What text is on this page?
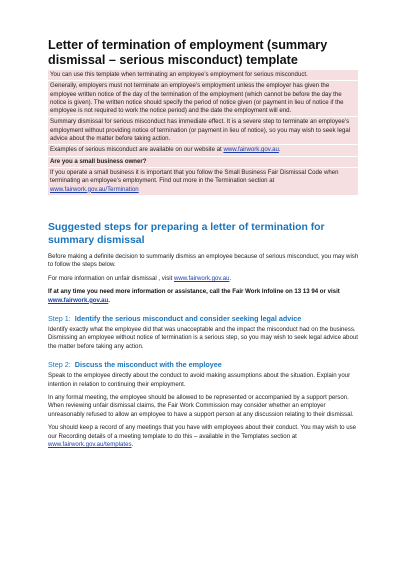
Letter of termination of employment (summary dismissal – serious misconduct) template

You can use this template when terminating an employee’s employment for serious misconduct.

Generally, employers must not terminate an employee’s employment unless the employer has given the employee written notice of the day of the termination of the employment (which cannot be before the day the notice is given). The written notice should specify the period of notice given (or payment in lieu of notice if the employee is not required to work the notice period) and the date the employment will end.

Summary dismissal for serious misconduct has immediate effect. It is a severe step to terminate an employee’s employment without providing notice of termination (or payment in lieu of notice), so you may wish to seek legal advice about the matter before taking action.

Examples of serious misconduct are available on our website at www.fairwork.gov.au.

Are you a small business owner?

If you operate a small business it is important that you follow the Small Business Fair Dismissal Code when terminating an employee’s employment. Find out more in the Termination section at
www.fairwork.gov.au/Termination

Suggested steps for preparing a letter of termination for summary dismissal

Before making a definite decision to summarily dismiss an employee because of serious misconduct, you may wish to follow the steps below.

For more information on unfair dismissal , visit www.fairwork.gov.au.

If at any time you need more information or assistance, call the Fair Work Infoline on 13 13 94 or visit www.fairwork.gov.au.

Step 1: Identify the serious misconduct and consider seeking legal advice

Identify exactly what the employee did that was unacceptable and the impact the misconduct had on the business. Dismissing an employee without notice of termination is a serious step, so you may wish to seek legal advice about the matter before taking any action.

Step 2: Discuss the misconduct with the employee

Speak to the employee directly about the conduct to avoid making assumptions about the situation. Explain your intention in relation to continuing their employment.

In any formal meeting, the employee should be allowed to be represented or accompanied by a support person. When reviewing unfair dismissal claims, the Fair Work Commission may consider whether an employer unreasonably refused to allow an employee to have a support person at any discussion relating to their dismissal.

You should keep a record of any meetings that you have with employees about their conduct. You may wish to use our Recording details of a meeting template to do this – available in the Templates section at www.fairwork.gov.au/templates.
